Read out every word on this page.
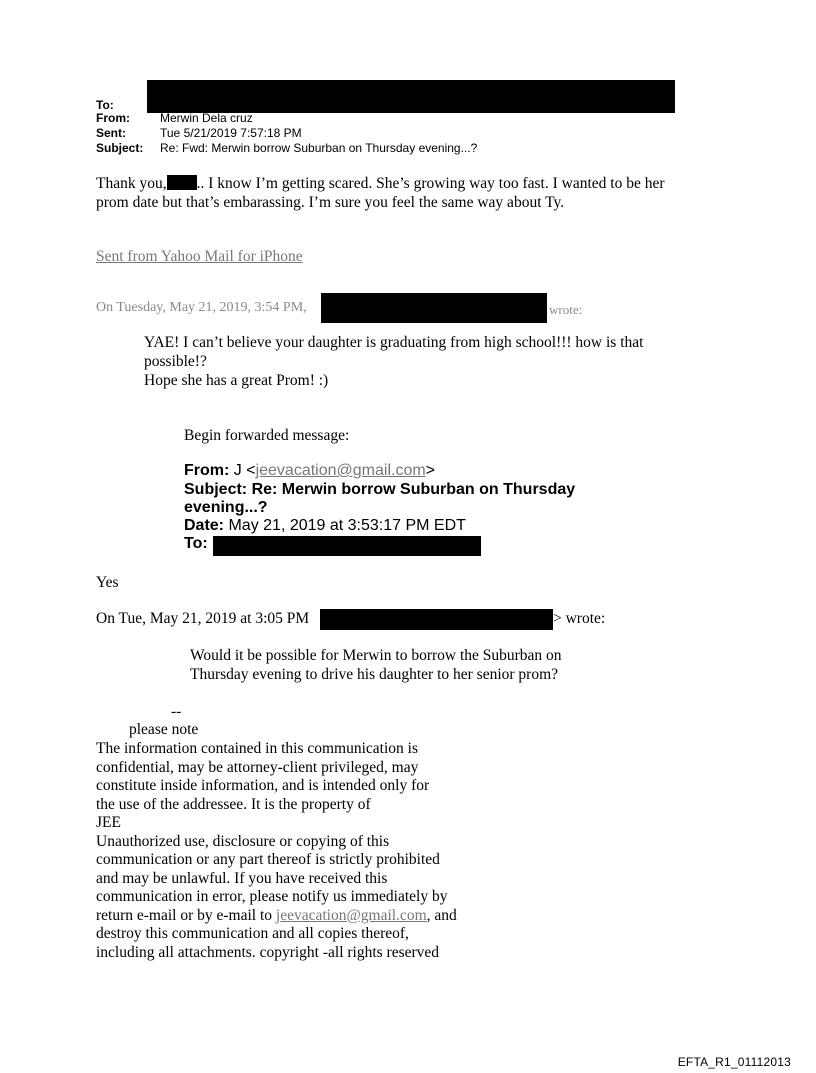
To:
From:	Merwin Dela cruz
Sent:	Tue 5/21/2019 7:57:18 PM
Subject: Re: Fwd: Merwin borrow Suburban on Thursday evening...?
Thank you, .. I know I’m getting scared. She’s growing way too fast. I wanted to be her
prom date but that’s embarassing. I’m sure you feel the same way about Ty.
Sent from Yahoo Mail for iPhone
On Tuesday, May 21, 2019, 3:54 PM,	wrote:
YAE! I can’t believe your daughter is graduating from high school!!! how is that
possible!?
Hope she has a great Prom! :)
Begin forwarded message:
From: J <jeevacation@gmail.com>
Subject: Re: Merwin borrow Suburban on Thursday
evening...?
Date: May 21, 2019 at 3:53:17 PM EDT
To:
Yes
On Tue, May 21, 2019 at 3:05 PM	> wrote:
Would it be possible for Merwin to borrow the Suburban on
Thursday evening to drive his daughter to her senior prom?
--
please note
The information contained in this communication is
confidential, may be attorney-client privileged, may
constitute inside information, and is intended only for
the use of the addressee. It is the property of
JEE
Unauthorized use, disclosure or copying of this
communication or any part thereof is strictly prohibited
and may be unlawful. If you have received this
communication in error, please notify us immediately by
return e-mail or by e-mail to jeevacation@gmail.com, and
destroy this communication and all copies thereof,
including all attachments. copyright -all rights reserved
EFTA_R1_01112013
